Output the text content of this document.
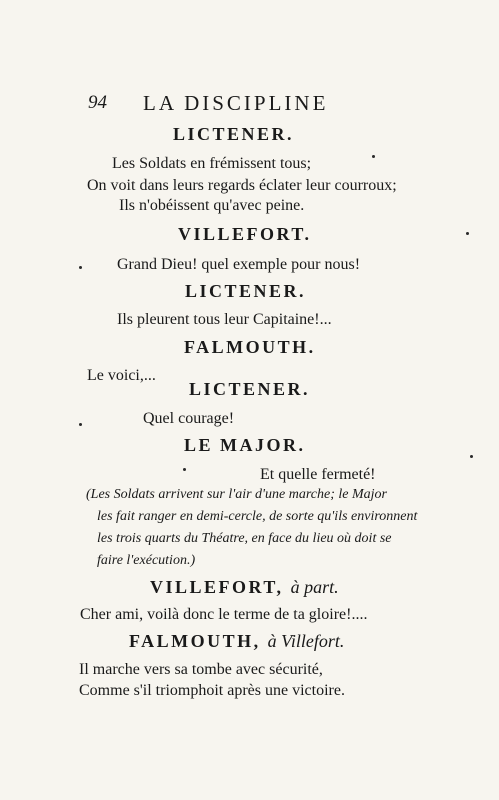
94 LA DISCIPLINE
LICTENER.
Les Soldats en frémissent tous;
On voit dans leurs regards éclater leur courroux;
Ils n'obéissent qu'avec peine.
VILLEFORT.
Grand Dieu! quel exemple pour nous!
LICTENER.
Ils pleurent tous leur Capitaine!...
FALMOUTH.
Le voici,...
LICTENER.
Quel courage!
LE MAJOR.
Et quelle fermeté!
(Les Soldats arrivent sur l'air d'une marche; le Major
les fait ranger en demi-cercle, de sorte qu'ils environnent
les trois quarts du Théatre, en face du lieu où doit se
faire l'exécution.)
VILLEFORT, à part.
Cher ami, voilà donc le terme de ta gloire!....
FALMOUTH, à Villefort.
Il marche vers sa tombe avec sécurité,
Comme s'il triomphoit après une victoire.
